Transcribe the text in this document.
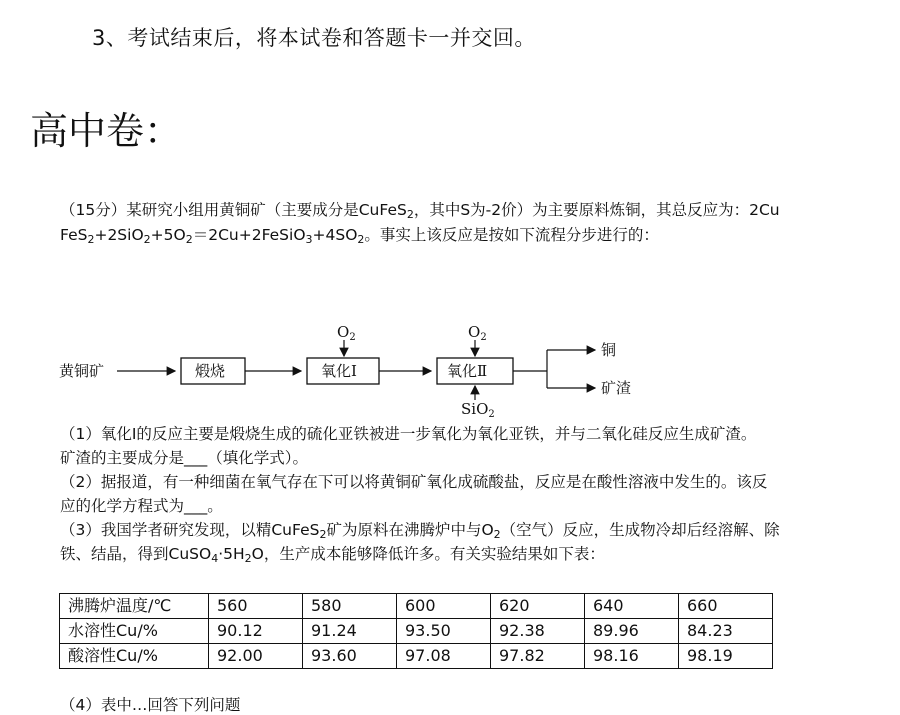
3、考试结束后，将本试卷和答题卡一并交回。
高中卷：
（15分）某研究小组用黄铜矿（主要成分是CuFeS$_2$，其中S为-2价）为主要原料炼铜，其总反应为：2Cu
$FeS_2+2SiO_2+5O_2=2Cu+2FeSiO_3+4SO_2$。事实上该反应是按如下流程分步进行的：
黄铜矿	煅烧	氧化Ⅰ
$O_2$
氧化Ⅱ
$O_2$
SiO$_2$
铜
矿渣
（1）氧化Ⅰ的反应主要是煅烧生成的硫化亚铁被进一步氧化为氧化亚铁，并与二氧化硅反应生成矿渣。
矿渣的主要成分是___（填化学式）。
（2）据报道，有一种细菌在氧气存在下可以将黄铜矿氧化成硫酸盐，反应是在酸性溶液中发生的。该反
应的化学方程式为___。
（3）我国学者研究发现，以精CuFeS$_2$矿为原料在沸腾炉中与$O_2$（空气）反应，生成物冷却后经溶解、除
铁、结晶，得到$CuSO_4\cdot 5H_2O$，生产成本能够降低许多。有关实验结果如下表：
沸腾炉温度/℃	560	580	600	620	640	660
水溶性Cu/%	90.12	91.24	93.50	92.38	89.96	84.23
酸溶性Cu/%	92.00	93.60	97.08	97.82	98.16	98.19
（4）表中…回答下列问题
